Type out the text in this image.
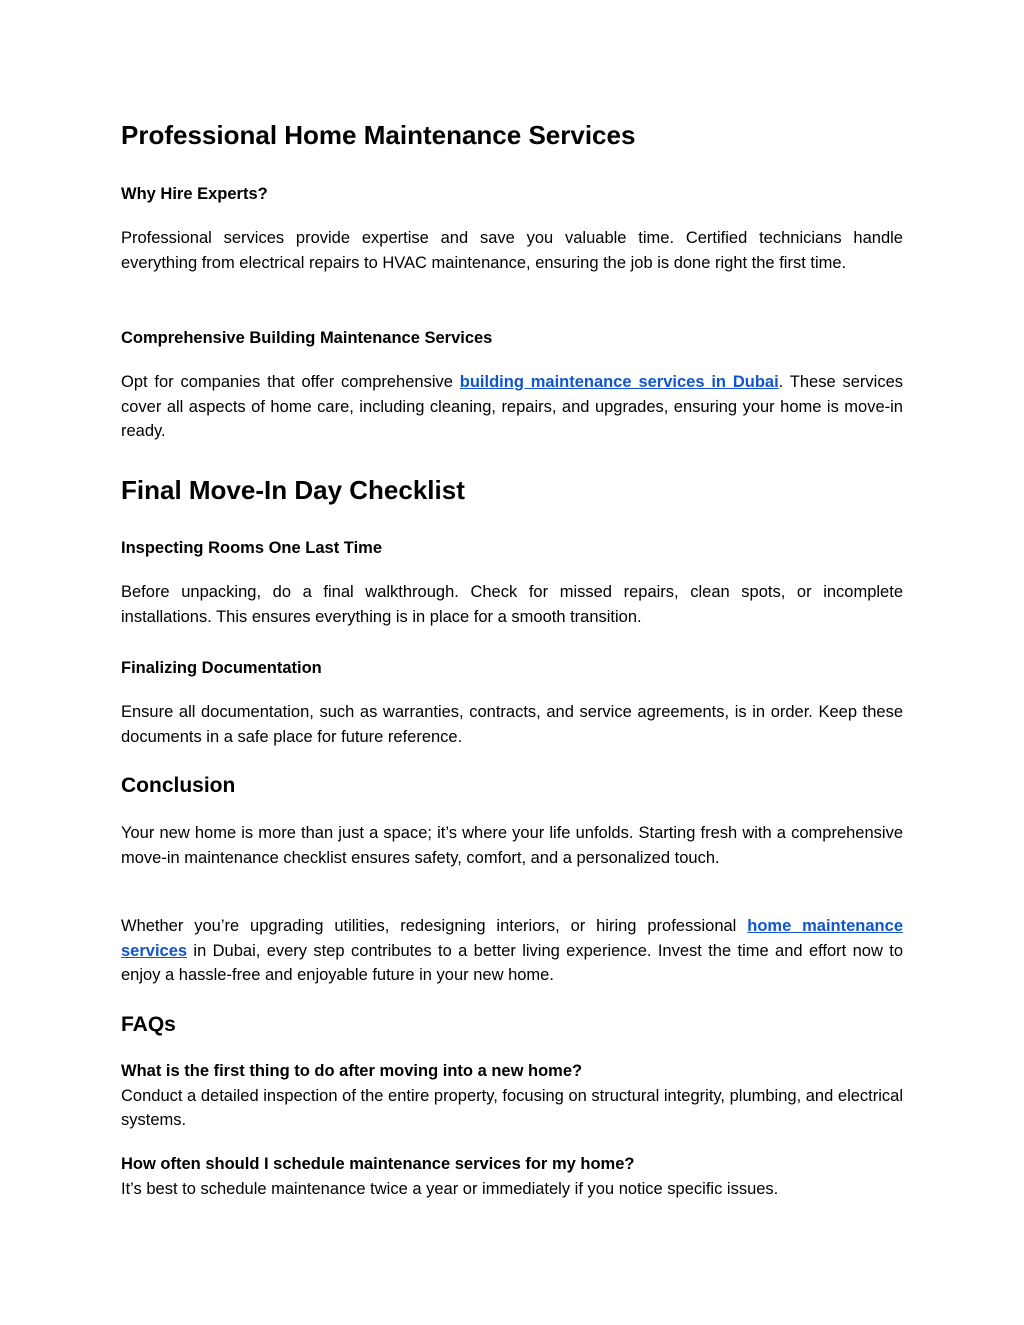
Professional Home Maintenance Services
Why Hire Experts?

Professional services provide expertise and save you valuable time. Certified technicians handle everything from electrical repairs to HVAC maintenance, ensuring the job is done right the first time.

Comprehensive Building Maintenance Services

Opt for companies that offer comprehensive building maintenance services in Dubai. These services cover all aspects of home care, including cleaning, repairs, and upgrades, ensuring your home is move-in ready.

Final Move-In Day Checklist
Inspecting Rooms One Last Time

Before unpacking, do a final walkthrough. Check for missed repairs, clean spots, or incomplete installations. This ensures everything is in place for a smooth transition.

Finalizing Documentation

Ensure all documentation, such as warranties, contracts, and service agreements, is in order. Keep these documents in a safe place for future reference.

Conclusion

Your new home is more than just a space; it’s where your life unfolds. Starting fresh with a comprehensive move-in maintenance checklist ensures safety, comfort, and a personalized touch.

Whether you’re upgrading utilities, redesigning interiors, or hiring professional home maintenance services in Dubai, every step contributes to a better living experience. Invest the time and effort now to enjoy a hassle-free and enjoyable future in your new home.

FAQs

What is the first thing to do after moving into a new home?
Conduct a detailed inspection of the entire property, focusing on structural integrity, plumbing, and electrical systems.

How often should I schedule maintenance services for my home?
It’s best to schedule maintenance twice a year or immediately if you notice specific issues.
